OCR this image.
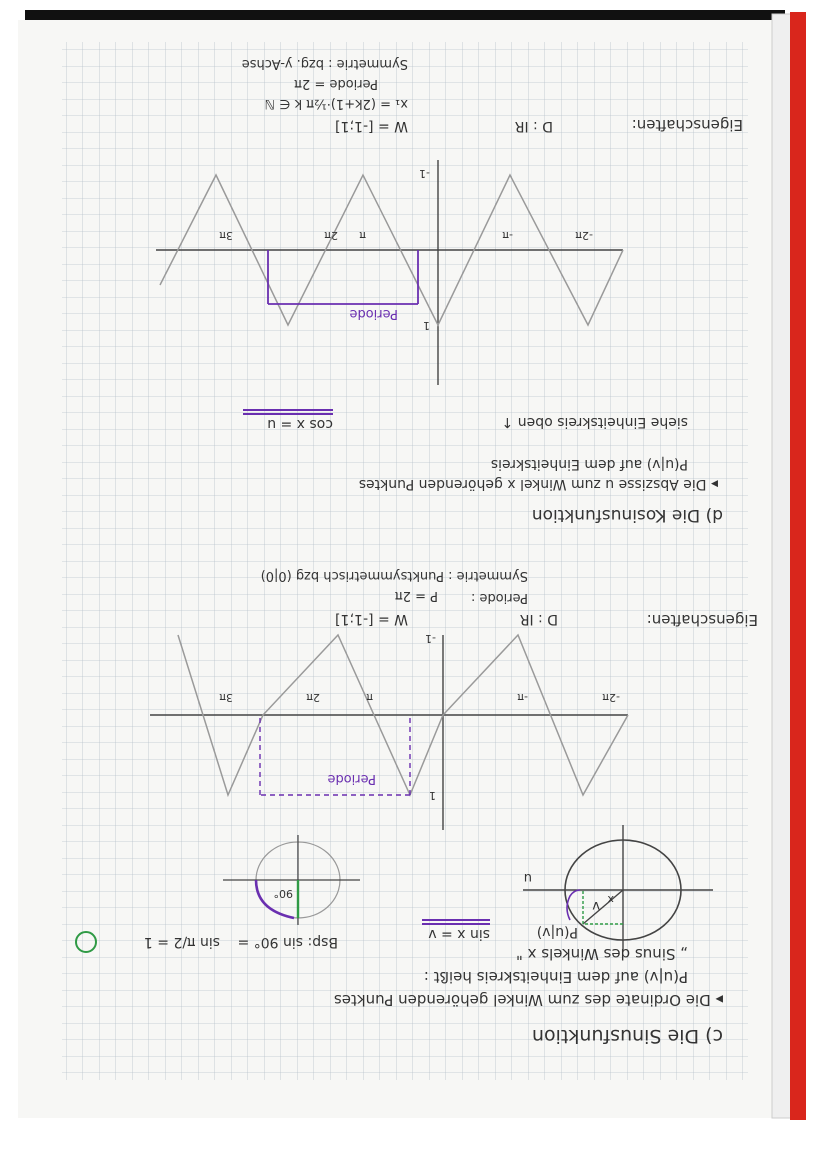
c) Die Sinusfunktion
▸ Die Ordinate des zum Winkel gehörenden Punktes
P(u|v) auf dem Einheitskreis heißt :
„ Sinus des Winkels x "
P(u|v)
sin x = v
Bsp: sin 90° =
sin π/2 = 1
u
v x
90°
Periode
2π
3π	π	-π	-2π
-1
1
Eigenschaften:
D : IR
W = [-1;1]
Periode :
P = 2π
Symmetrie : Punktsymmetrisch bzg (0|0)
d) Die Kosinusfunktion
▸ Die Abszisse u zum Winkel x gehörenden Punktes
P(u|v) auf dem Einheitskreis
siehe Einheitskreis oben ↑
cos x = u
Periode
3π	2π π	-π	-2π
-1
1
Eigenschaften:
D : IR
W = [-1;1]
x₁ = (2k+1)·½π k ∈ ℕ
Periode = 2π
Symmetrie : bzg. y-Achse
